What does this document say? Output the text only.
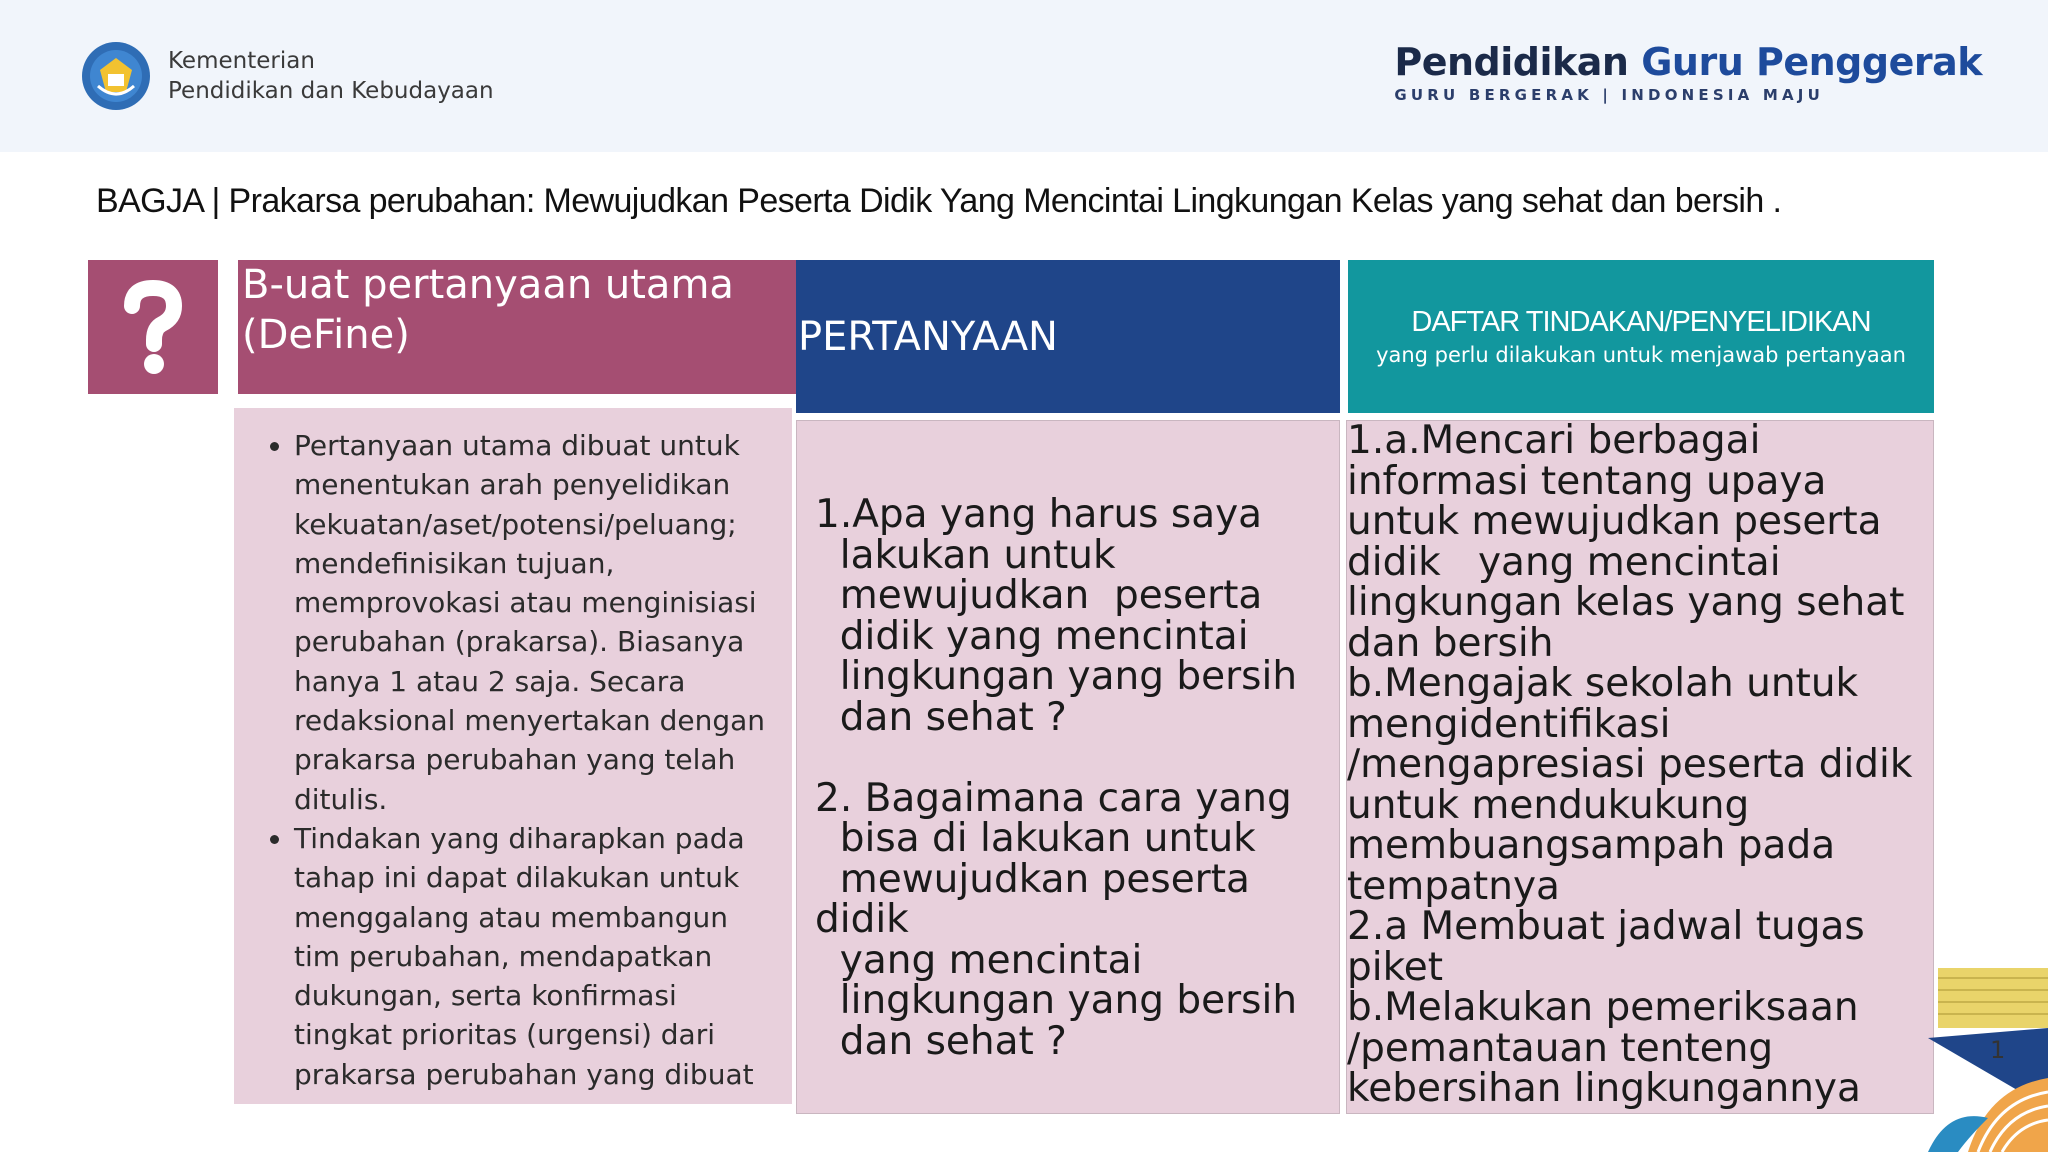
Kementerian
Pendidikan dan Kebudayaan
Pendidikan Guru Penggerak
GURU BERGERAK | INDONESIA MAJU
BAGJA | Prakarsa perubahan: Mewujudkan Peserta Didik Yang Mencintai Lingkungan Kelas yang sehat dan bersih .
B-uat pertanyaan utama (DeFine)
• Pertanyaan utama dibuat untuk menentukan arah penyelidikan kekuatan/aset/potensi/peluang; mendefinisikan tujuan, memprovokasi atau menginisiasi perubahan (prakarsa). Biasanya hanya 1 atau 2 saja. Secara redaksional menyertakan dengan prakarsa perubahan yang telah ditulis.
• Tindakan yang diharapkan pada tahap ini dapat dilakukan untuk menggalang atau membangun tim perubahan, mendapatkan dukungan, serta konfirmasi tingkat prioritas (urgensi) dari prakarsa perubahan yang dibuat
PERTANYAAN	DAFTAR TINDAKAN/PENYELIDIKAN
yang perlu dilakukan untuk menjawab pertanyaan
1.Apa yang harus saya
lakukan untuk
mewujudkan  peserta
didik yang mencintai
lingkungan yang bersih
dan sehat ?

2. Bagaimana cara yang
bisa di lakukan untuk
mewujudkan peserta didik
yang mencintai
lingkungan yang bersih
dan sehat ?
1.a.Mencari berbagai
informasi tentang upaya
untuk mewujudkan peserta
didik   yang mencintai
lingkungan kelas yang sehat
dan bersih
b.Mengajak sekolah untuk
mengidentifikasi
/mengapresiasi peserta didik
untuk mendukukung
membuangsampah pada
tempatnya
2.a Membuat jadwal tugas
piket
b.Melakukan pemeriksaan
/pemantauan tenteng
kebersihan lingkungannya
1
